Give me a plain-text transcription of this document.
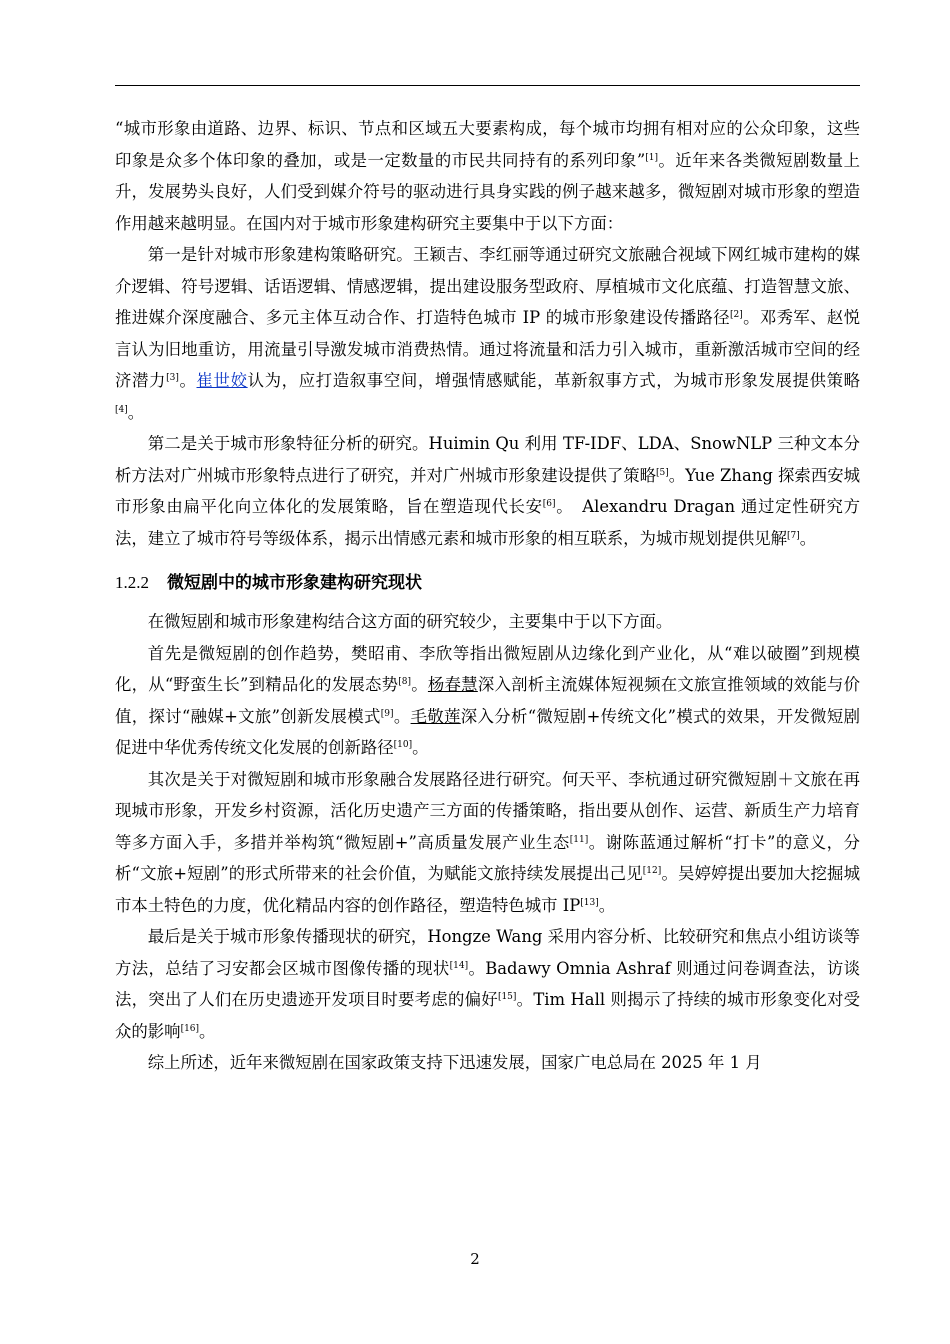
“城市形象由道路、边界、标识、节点和区域五大要素构成，每个城市均拥有相对应的公众印象，这些印象是众多个体印象的叠加，或是一定数量的市民共同持有的系列印象”[1]。近年来各类微短剧数量上升，发展势头良好，人们受到媒介符号的驱动进行具身实践的例子越来越多，微短剧对城市形象的塑造作用越来越明显。在国内对于城市形象建构研究主要集中于以下方面：

第一是针对城市形象建构策略研究。王颖吉、李红丽等通过研究文旅融合视域下网红城市建构的媒介逻辑、符号逻辑、话语逻辑、情感逻辑，提出建设服务型政府、厚植城市文化底蕴、打造智慧文旅、推进媒介深度融合、多元主体互动合作、打造特色城市 IP 的城市形象建设传播路径[2]。邓秀军、赵悦言认为旧地重访，用流量引导激发城市消费热情。通过将流量和活力引入城市，重新激活城市空间的经济潜力[3]。崔世姣认为，应打造叙事空间，增强情感赋能，革新叙事方式，为城市形象发展提供策略[4]。

第二是关于城市形象特征分析的研究。Huimin Qu 利用 TF-IDF、LDA、SnowNLP 三种文本分析方法对广州城市形象特点进行了研究，并对广州城市形象建设提供了策略[5]。Yue Zhang 探索西安城市形象由扁平化向立体化的发展策略，旨在塑造现代长安[6]。　Alexandru Dragan 通过定性研究方法，建立了城市符号等级体系，揭示出情感元素和城市形象的相互联系，为城市规划提供见解[7]。

1.2.2 微短剧中的城市形象建构研究现状

在微短剧和城市形象建构结合这方面的研究较少，主要集中于以下方面。

首先是微短剧的创作趋势，樊昭甫、李欣等指出微短剧从边缘化到产业化，从“难以破圈”到规模化，从“野蛮生长”到精品化的发展态势[8]。杨春慧深入剖析主流媒体短视频在文旅宣推领域的效能与价值，探讨“融媒+文旅”创新发展模式[9]。毛敬莲深入分析“微短剧+传统文化”模式的效果，开发微短剧促进中华优秀传统文化发展的创新路径[10]。

其次是关于对微短剧和城市形象融合发展路径进行研究。何天平、李杭通过研究微短剧＋文旅在再现城市形象，开发乡村资源，活化历史遗产三方面的传播策略，指出要从创作、运营、新质生产力培育等多方面入手，多措并举构筑“微短剧+”高质量发展产业生态[11]。谢陈蓝通过解析“打卡”的意义，分析“文旅+短剧”的形式所带来的社会价值，为赋能文旅持续发展提出己见[12]。吴婷婷提出要加大挖掘城市本土特色的力度，优化精品内容的创作路径，塑造特色城市 IP[13]。

最后是关于城市形象传播现状的研究，Hongze Wang 采用内容分析、比较研究和焦点小组访谈等方法，总结了习安都会区城市图像传播的现状[14]。Badawy Omnia Ashraf 则通过问卷调查法，访谈法，突出了人们在历史遗迹开发项目时要考虑的偏好[15]。Tim Hall 则揭示了持续的城市形象变化对受众的影响[16]。

综上所述，近年来微短剧在国家政策支持下迅速发展，国家广电总局在 2025 年 1 月

2
